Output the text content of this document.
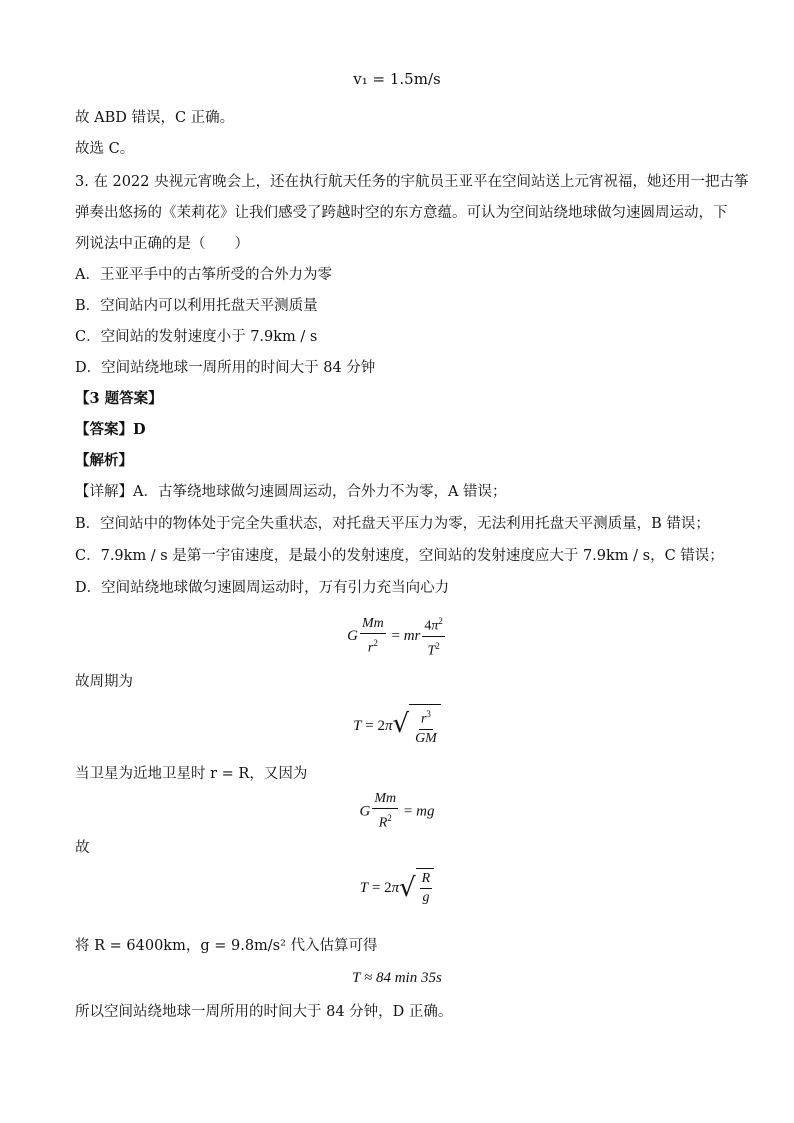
v₁ = 1.5m/s
故 ABD 错误，C 正确。
故选 C。
3. 在 2022 央视元宵晚会上，还在执行航天任务的宇航员王亚平在空间站送上元宵祝福，她还用一把古筝
弹奏出悠扬的《茉莉花》让我们感受了跨越时空的东方意蕴。可认为空间站绕地球做匀速圆周运动，下
列说法中正确的是（　　）
A．王亚平手中的古筝所受的合外力为零
B．空间站内可以利用托盘天平测质量
C．空间站的发射速度小于 7.9km / s
D．空间站绕地球一周所用的时间大于 84 分钟
【3 题答案】
【答案】D
【解析】
【详解】A．古筝绕地球做匀速圆周运动，合外力不为零，A 错误；
B．空间站中的物体处于完全失重状态，对托盘天平压力为零，无法利用托盘天平测质量，B 错误；
C．7.9km / s 是第一宇宙速度，是最小的发射速度，空间站的发射速度应大于 7.9km / s，C 错误；
D．空间站绕地球做匀速圆周运动时，万有引力充当向心力
G $\frac{Mm}{r^2}$ = mr $\frac{4\pi^2}{T^2}$
故周期为
T = 2π √ $\frac{r^3}{GM}$
当卫星为近地卫星时 r = R，又因为
G $\frac{Mm}{R^2}$ = mg
故
T = 2π √ $\frac{R}{g}$
将 R = 6400km，g = 9.8m/s² 代入估算可得
T ≈ 84 min 35s
所以空间站绕地球一周所用的时间大于 84 分钟，D 正确。
